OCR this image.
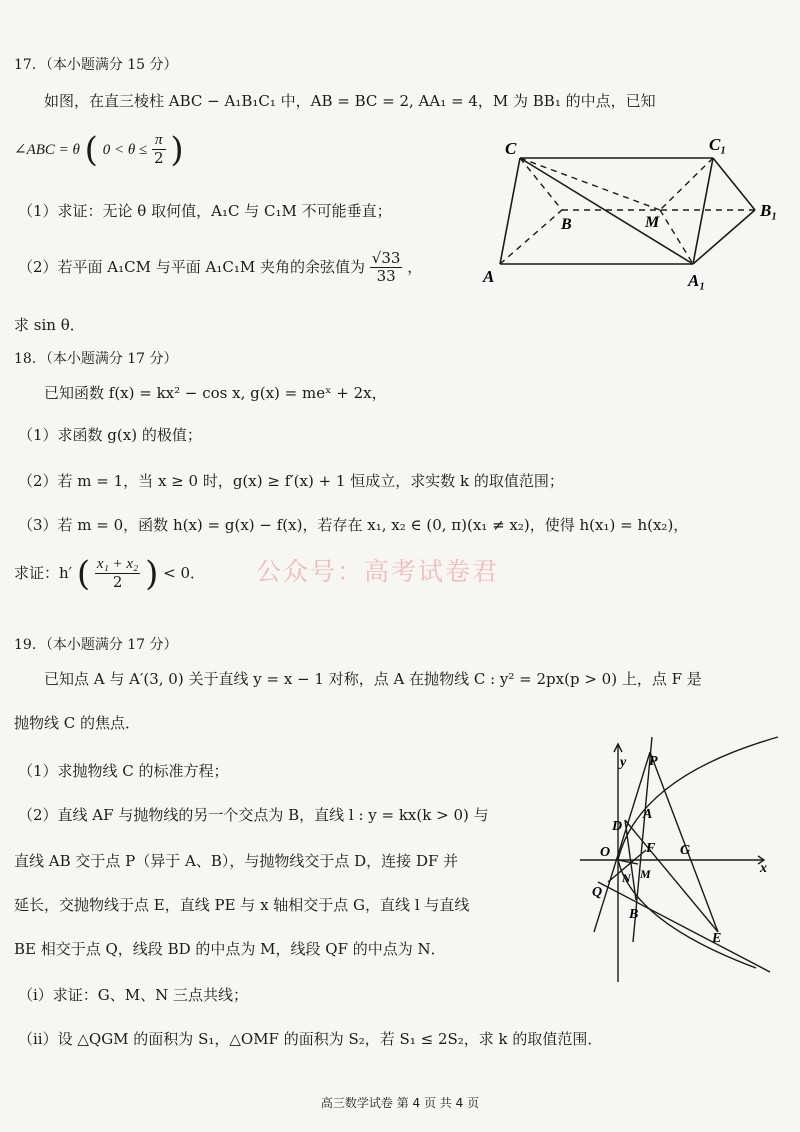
17．（本小题满分 15 分）
如图，在直三棱柱 ABC − A₁B₁C₁ 中，AB = BC = 2, AA₁ = 4，M 为 BB₁ 的中点，已知
∠ABC = θ ( $0 < \theta \le \frac{\pi}{2}$ )
（1）求证：无论 θ 取何值，A₁C 与 C₁M 不可能垂直；
（2）若平面 A₁CM 与平面 A₁C₁M 夹角的余弦值为 $\frac{√33}{33}$ ，
求 sin θ．
C	C₁
B	M
B₁
A	A₁
18．（本小题满分 17 分）
已知函数 f(x) = kx² − cos x, g(x) = meˣ + 2x，
（1）求函数 g(x) 的极值；
（2）若 m = 1，当 x ≥ 0 时，g(x) ≥ f′(x) + 1 恒成立，求实数 k 的取值范围；
（3）若 m = 0，函数 h(x) = g(x) − f(x)，若存在 x₁, x₂ ∈ (0, π)(x₁ ≠ x₂)，使得 h(x₁) = h(x₂)，
求证：h′ ( $\frac{\text{x₁ + x₂}}{2}$ ) < 0． 公众号：高考试卷君
19．（本小题满分 17 分）
已知点 A 与 A′(3, 0) 关于直线 y = x − 1 对称，点 A 在抛物线 C : y² = 2px(p > 0) 上，点 F 是
抛物线 C 的焦点．
（1）求抛物线 C 的标准方程；
（2）直线 AF 与抛物线的另一个交点为 B，直线 l : y = kx(k > 0) 与
直线 AB 交于点 P（异于 A、B），与抛物线交于点 D，连接 DF 并
延长，交抛物线于点 E，直线 PE 与 x 轴相交于点 G，直线 l 与直线
BE 相交于点 Q，线段 BD 的中点为 M，线段 QF 的中点为 N．
（i）求证：G、M、N 三点共线；
（ii）设 △QGM 的面积为 S₁，△OMF 的面积为 S₂，若 S₁ ≤ 2S₂，求 k 的取值范围．
y P
A
D
O	F G
x
Q
N M
B
E
高三数学试卷 第 4 页 共 4 页
